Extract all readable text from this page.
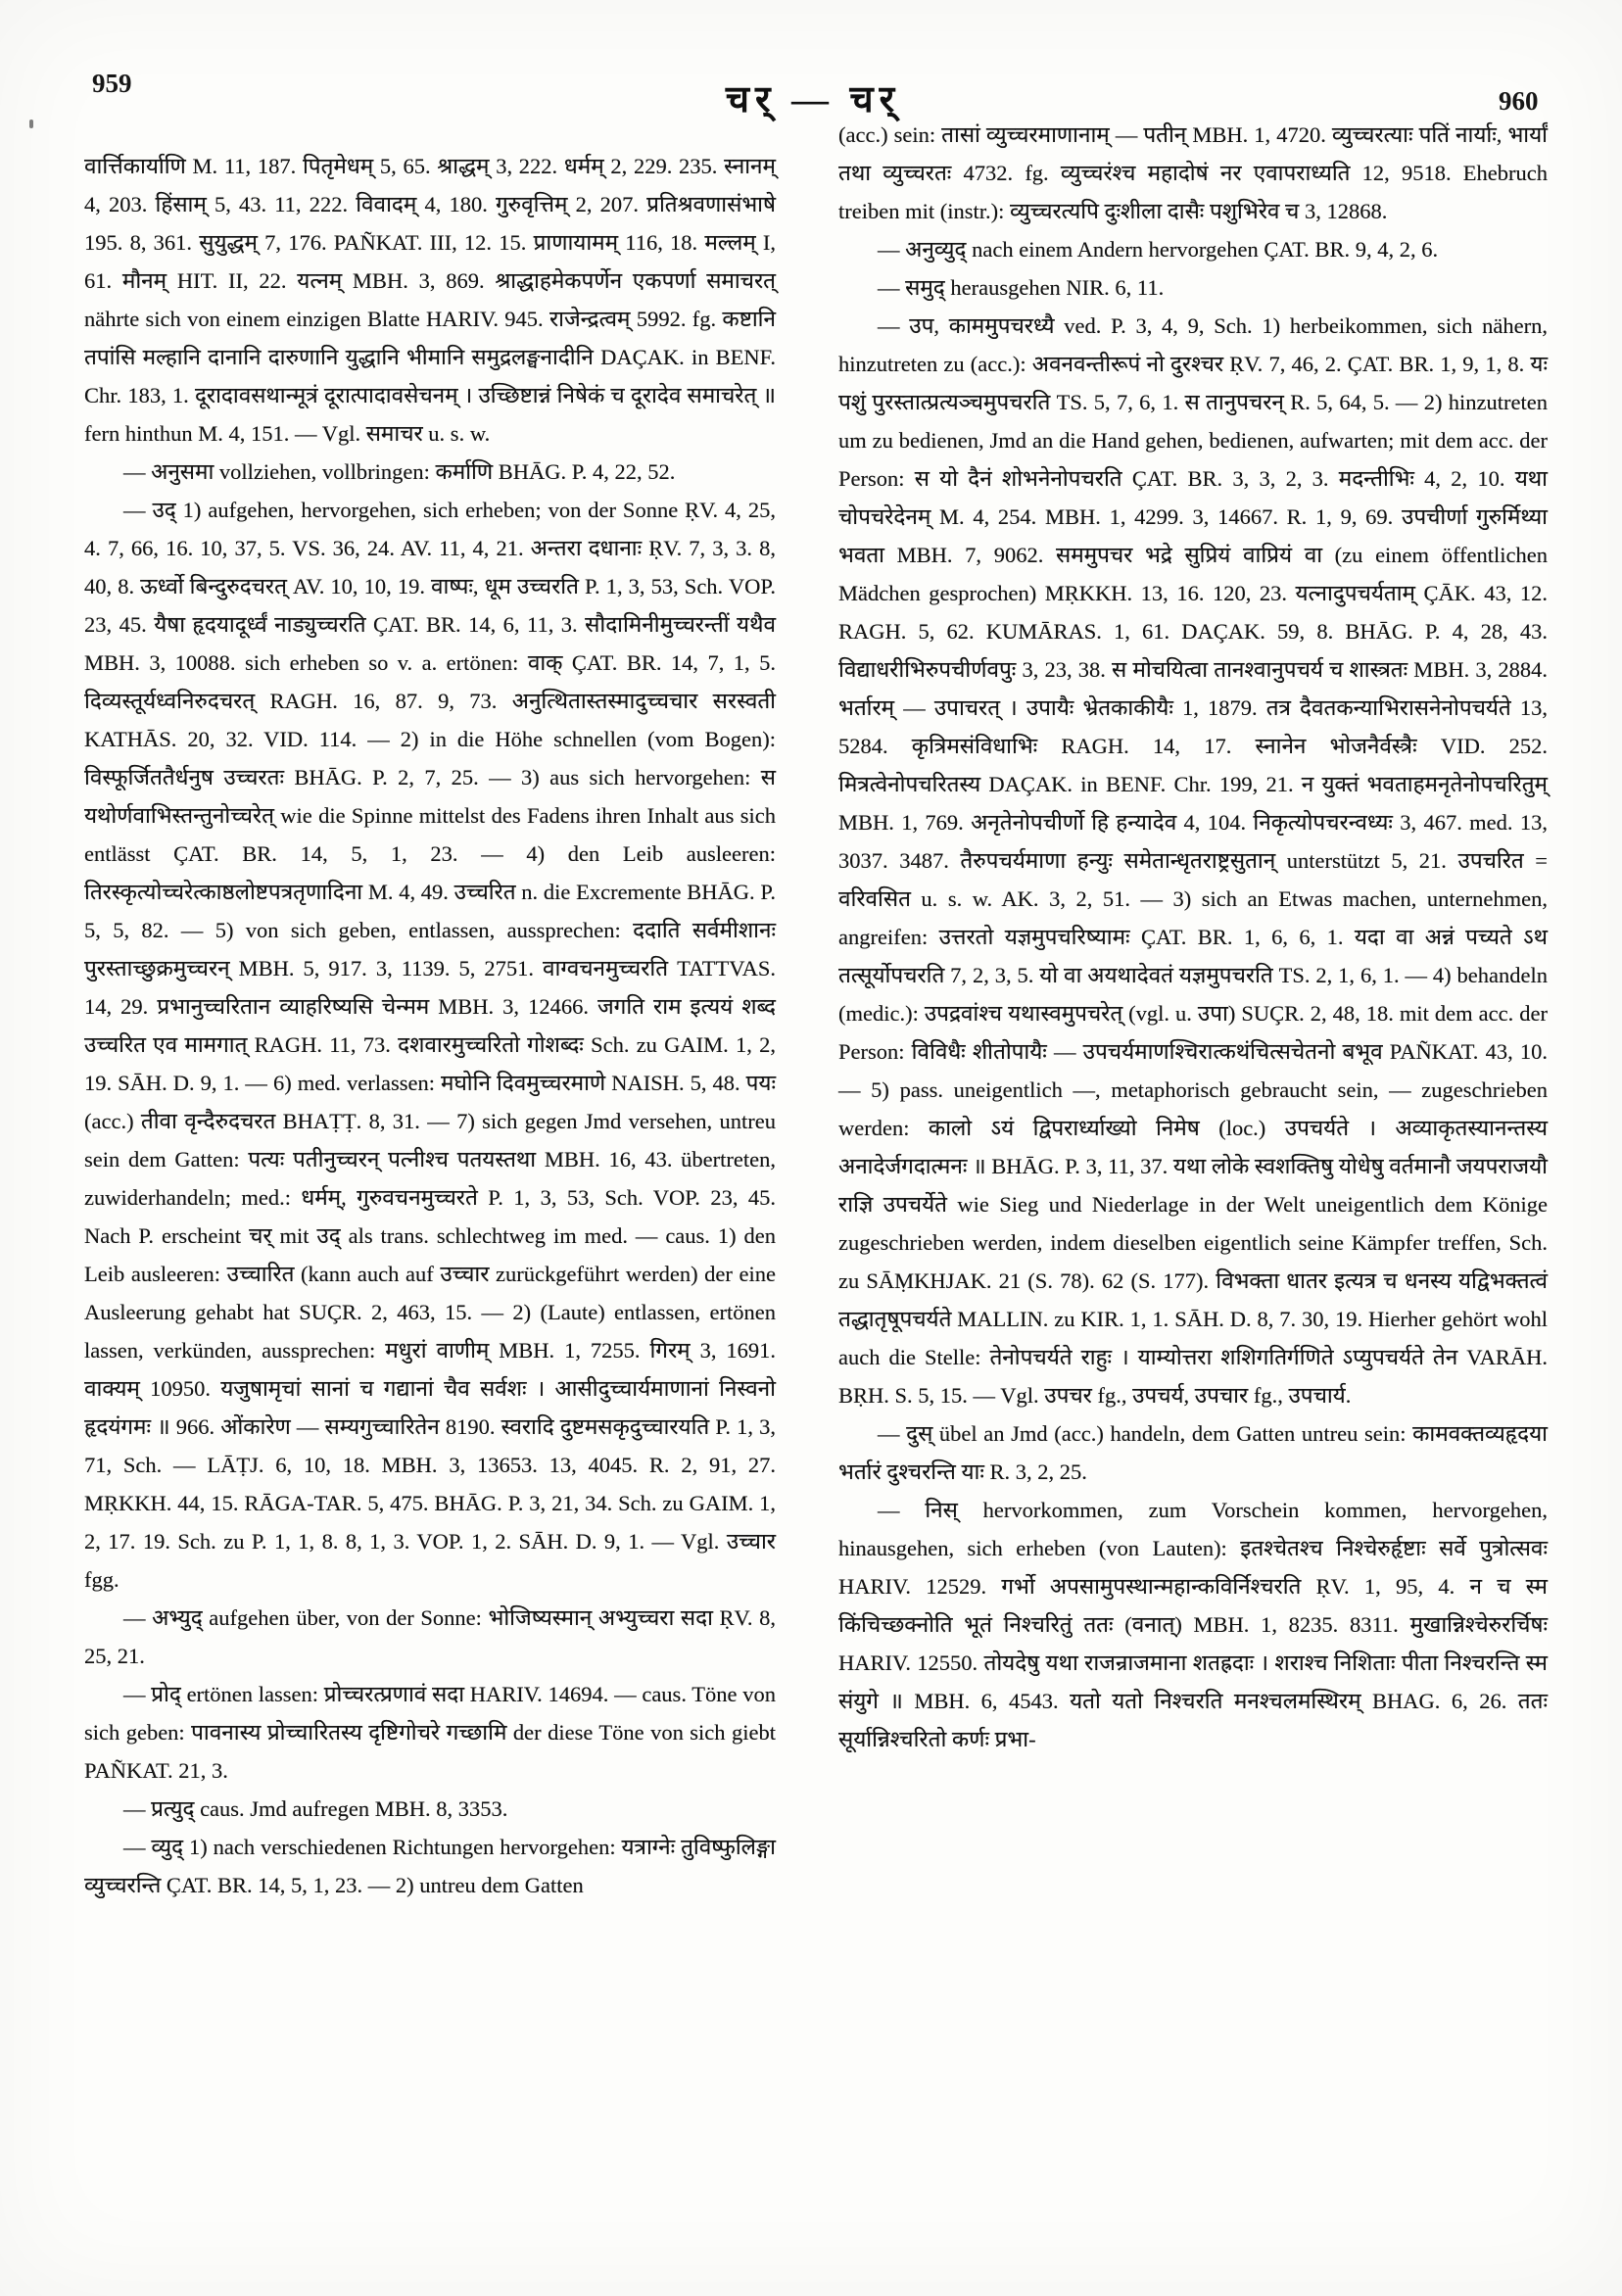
959	चर् — चर्	960

वार्त्तिकार्याणि M. 11, 187. पितृमेधम् 5, 65. श्राद्धम् 3, 222. धर्मम् 2, 229. 235. स्नानम् 4, 203. हिंसाम् 5, 43. 11, 222. विवादम् 4, 180. गुरुवृत्तिम् 2, 207. प्रतिश्रवणासंभाषे 195. 8, 361. सुयुद्धम् 7, 176. PAÑKAT. III, 12. 15. प्राणायामम् 116, 18. मल्लम् I, 61. मौनम् HIT. II, 22. यत्नम् MBH. 3, 869. श्राद्धाहमेकपर्णेन एकपर्णा समाचरत् nährte sich von einem einzigen Blatte HARIV. 945. राजेन्द्रत्वम् 5992. fg. कष्टानि तपांसि मल्हानि दानानि दारुणानि युद्धानि भीमानि समुद्रलङ्घनादीनि DAÇAK. in BENF. Chr. 183, 1. दूरादावसथान्मूत्रं दूरात्पादावसेचनम् । उच्छिष्टान्नं निषेकं च दूरादेव समाचरेत् ॥ fern hinthun M. 4, 151. — Vgl. समाचर u. s. w.

— अनुसमा vollziehen, vollbringen: कर्माणि BHĀG. P. 4, 22, 52.

— उद् 1) aufgehen, hervorgehen, sich erheben; von der Sonne ṚV. 4, 25, 4. 7, 66, 16. 10, 37, 5. VS. 36, 24. AV. 11, 4, 21. अन्तरा दधानाः ṚV. 7, 3, 3. 8, 40, 8. ऊर्ध्वो बिन्दुरुदचरत् AV. 10, 10, 19. वाष्पः, धूम उच्चरति P. 1, 3, 53, Sch. VOP. 23, 45. यैषा हृदयादूर्ध्वं नाड्युच्चरति ÇAT. BR. 14, 6, 11, 3. सौदामिनीमुच्चरन्तीं यथैव MBH. 3, 10088. sich erheben so v. a. ertönen: वाक् ÇAT. BR. 14, 7, 1, 5. दिव्यस्तूर्यध्वनिरुदचरत् RAGH. 16, 87. 9, 73. अनुत्थितास्तस्मादुच्चचार सरस्वती KATHĀS. 20, 32. VID. 114. — 2) in die Höhe schnellen (vom Bogen): विस्फूर्जिततैर्धनुष उच्चरतः BHĀG. P. 2, 7, 25. — 3) aus sich hervorgehen: स यथोर्णवाभिस्तन्तुनोच्चरेत् wie die Spinne mittelst des Fadens ihren Inhalt aus sich entlässt ÇAT. BR. 14, 5, 1, 23. — 4) den Leib ausleeren: तिरस्कृत्योच्चरेत्काष्ठलोष्टपत्रतृणादिना M. 4, 49. उच्चरित n. die Excremente BHĀG. P. 5, 5, 82. — 5) von sich geben, entlassen, aussprechen: ददाति सर्वमीशानः पुरस्ताच्छुक्रमुच्चरन् MBH. 5, 917. 3, 1139. 5, 2751. वाग्वचनमुच्चरति TATTVAS. 14, 29. प्रभानुच्चरितान व्याहरिष्यसि चेन्मम MBH. 3, 12466. जगति राम इत्ययं शब्द उच्चरित एव मामगात् RAGH. 11, 73. दशवारमुच्चरितो गोशब्दः Sch. zu GAIM. 1, 2, 19. SĀH. D. 9, 1. — 6) med. verlassen: मघोनि दिवमुच्चरमाणे NAISH. 5, 48. पयः (acc.) तीवा वृन्दैरुदचरत BHAṬṬ. 8, 31. — 7) sich gegen Jmd versehen, untreu sein dem Gatten: पत्यः पतीनुच्चरन् पत्नीश्च पतयस्तथा MBH. 16, 43. übertreten, zuwiderhandeln; med.: धर्मम्, गुरुवचनमुच्चरते P. 1, 3, 53, Sch. VOP. 23, 45. Nach P. erscheint चर् mit उद् als trans. schlechtweg im med. — caus. 1) den Leib ausleeren: उच्चारित (kann auch auf उच्चार zurückgeführt werden) der eine Ausleerung gehabt hat SUÇR. 2, 463, 15. — 2) (Laute) entlassen, ertönen lassen, verkünden, aussprechen: मधुरां वाणीम् MBH. 1, 7255. गिरम् 3, 1691. वाक्यम् 10950. यजुषामृचां सानां च गद्यानां चैव सर्वशः । आसीदुच्चार्यमाणानां निस्वनो हृदयंगमः ॥ 966. ओंकारेण — सम्यगुच्चारितेन 8190. स्वरादि दुष्टमसकृदुच्चारयति P. 1, 3, 71, Sch. — LĀṬJ. 6, 10, 18. MBH. 3, 13653. 13, 4045. R. 2, 91, 27. MṚKKH. 44, 15. RĀGA-TAR. 5, 475. BHĀG. P. 3, 21, 34. Sch. zu GAIM. 1, 2, 17. 19. Sch. zu P. 1, 1, 8. 8, 1, 3. VOP. 1, 2. SĀH. D. 9, 1. — Vgl. उच्चार fgg.

— अभ्युद् aufgehen über, von der Sonne: भोजिष्यस्मान् अभ्युच्चरा सदा ṚV. 8, 25, 21.

— प्रोद् ertönen lassen: प्रोच्चरत्प्रणावं सदा HARIV. 14694. — caus. Töne von sich geben: पावनास्य प्रोच्चारितस्य दृष्टिगोचरे गच्छामि der diese Töne von sich giebt PAÑKAT. 21, 3.

— प्रत्युद् caus. Jmd aufregen MBH. 8, 3353.

— व्युद् 1) nach verschiedenen Richtungen hervorgehen: यत्राग्नेः तुविष्फुलिङ्गा व्युच्चरन्ति ÇAT. BR. 14, 5, 1, 23. — 2) untreu dem Gatten

(acc.) sein: तासां व्युच्चरमाणानाम् — पतीन् MBH. 1, 4720. व्युच्चरत्याः पतिं नार्याः, भार्यां तथा व्युच्चरतः 4732. fg. व्युच्चरंश्च महादोषं नर एवापराध्यति 12, 9518. Ehebruch treiben mit (instr.): व्युच्चरत्यपि दुःशीला दासैः पशुभिरेव च 3, 12868.

— अनुव्युद् nach einem Andern hervorgehen ÇAT. BR. 9, 4, 2, 6.

— समुद् herausgehen NIR. 6, 11.

— उप, काममुपचरध्यै ved. P. 3, 4, 9, Sch. 1) herbeikommen, sich nähern, hinzutreten zu (acc.): अवनवन्तीरूपं नो दुरश्चर ṚV. 7, 46, 2. ÇAT. BR. 1, 9, 1, 8. यः पशुं पुरस्तात्प्रत्यञ्चमुपचरति TS. 5, 7, 6, 1. स तानुपचरन् R. 5, 64, 5. — 2) hinzutreten um zu bedienen, Jmd an die Hand gehen, bedienen, aufwarten; mit dem acc. der Person: स यो दैनं शोभनेनोपचरति ÇAT. BR. 3, 3, 2, 3. मदन्तीभिः 4, 2, 10. यथा चोपचरेदेनम् M. 4, 254. MBH. 1, 4299. 3, 14667. R. 1, 9, 69. उपचीर्णा गुरुर्मिथ्या भवता MBH. 7, 9062. सममुपचर भद्रे सुप्रियं वाप्रियं वा (zu einem öffentlichen Mädchen gesprochen) MṚKKH. 13, 16. 120, 23. यत्नादुपचर्यताम् ÇĀK. 43, 12. RAGH. 5, 62. KUMĀRAS. 1, 61. DAÇAK. 59, 8. BHĀG. P. 4, 28, 43. विद्याधरीभिरुपचीर्णवपुः 3, 23, 38. स मोचयित्वा तानश्वानुपचर्य च शास्त्रतः MBH. 3, 2884. भर्तारम् — उपाचरत् । उपायैः भ्रेतकाकीयैः 1, 1879. तत्र दैवतकन्याभिरासनेनोपचर्यते 13, 5284. कृत्रिमसंविधाभिः RAGH. 14, 17. स्नानेन भोजनैर्वस्त्रैः VID. 252. मित्रत्वेनोपचरितस्य DAÇAK. in BENF. Chr. 199, 21. न युक्तं भवताहमनृतेनोपचरितुम् MBH. 1, 769. अनृतेनोपचीर्णो हि हन्यादेव 4, 104. निकृत्योपचरन्वध्यः 3, 467. med. 13, 3037. 3487. तैरुपचर्यमाणा हन्युः समेतान्धृतराष्ट्रसुतान् unterstützt 5, 21. उपचरित = वरिवसित u. s. w. AK. 3, 2, 51. — 3) sich an Etwas machen, unternehmen, angreifen: उत्तरतो यज्ञमुपचरिष्यामः ÇAT. BR. 1, 6, 6, 1. यदा वा अन्नं पच्यते ऽथ तत्सूर्योपचरति 7, 2, 3, 5. यो वा अयथादेवतं यज्ञमुपचरति TS. 2, 1, 6, 1. — 4) behandeln (medic.): उपद्रवांश्च यथास्वमुपचरेत् (vgl. u. उपा) SUÇR. 2, 48, 18. mit dem acc. der Person: विविधैः शीतोपायैः — उपचर्यमाणश्चिरात्कथंचित्सचेतनो बभूव PAÑKAT. 43, 10. — 5) pass. uneigentlich —, metaphorisch gebraucht sein, — zugeschrieben werden: कालो ऽयं द्विपरार्ध्याख्यो निमेष (loc.) उपचर्यते । अव्याकृतस्यानन्तस्य अनादेर्जगदात्मनः ॥ BHĀG. P. 3, 11, 37. यथा लोके स्वशक्तिषु योधेषु वर्तमानौ जयपराजयौ राज्ञि उपचर्येते wie Sieg und Niederlage in der Welt uneigentlich dem Könige zugeschrieben werden, indem dieselben eigentlich seine Kämpfer treffen, Sch. zu SĀṂKHJAK. 21 (S. 78). 62 (S. 177). विभक्ता धातर इत्यत्र च धनस्य यद्विभक्तत्वं तद्धातृषूपचर्यते MALLIN. zu KIR. 1, 1. SĀH. D. 8, 7. 30, 19. Hierher gehört wohl auch die Stelle: तेनोपचर्यते राहुः । याम्योत्तरा शशिगतिर्गणिते ऽप्युपचर्यते तेन VARĀH. BṚH. S. 5, 15. — Vgl. उपचर fg., उपचर्य, उपचार fg., उपचार्य.

— दुस् übel an Jmd (acc.) handeln, dem Gatten untreu sein: कामवक्तव्यहृदया भर्तारं दुश्चरन्ति याः R. 3, 2, 25.

— निस् hervorkommen, zum Vorschein kommen, hervorgehen, hinausgehen, sich erheben (von Lauten): इतश्चेतश्च निश्चेरुर्हृष्टाः सर्वे पुत्रोत्सवः HARIV. 12529. गर्भो अपसामुपस्थान्महान्कविर्निश्चरति ṚV. 1, 95, 4. न च स्म किंचिच्छक्नोति भूतं निश्चरितुं ततः (वनात्) MBH. 1, 8235. 8311. मुखान्निश्चेरुरर्चिषः HARIV. 12550. तोयदेषु यथा राजन्राजमाना शतह्रदाः । शराश्च निशिताः पीता निश्चरन्ति स्म संयुगे ॥ MBH. 6, 4543. यतो यतो निश्चरति मनश्चलमस्थिरम् BHAG. 6, 26. ततः सूर्यान्निश्चरितो कर्णः प्रभा-
